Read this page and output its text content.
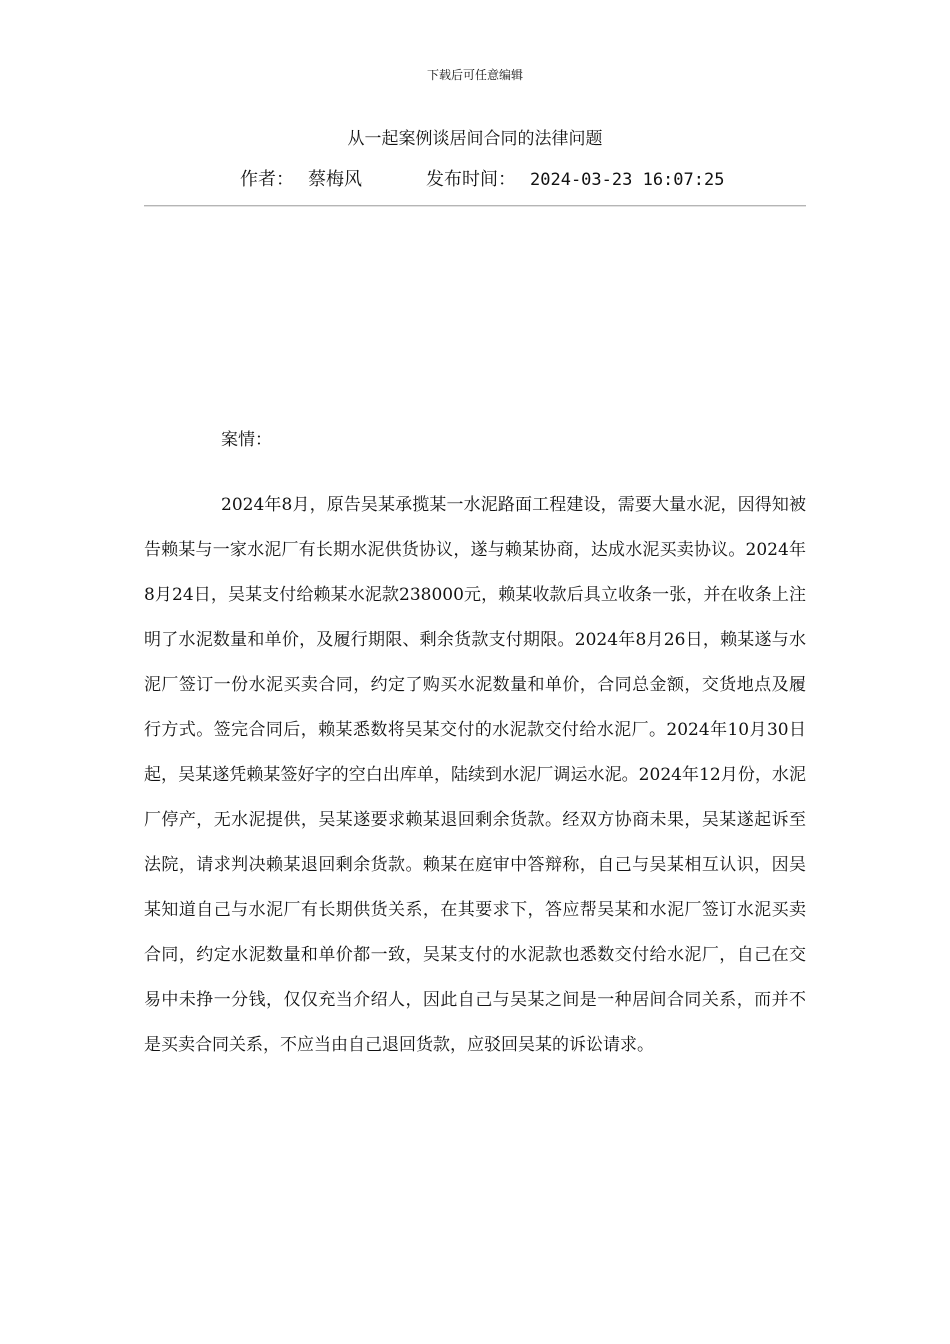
下载后可任意编辑
从一起案例谈居间合同的法律问题
作者： 蔡梅风	发布时间： 2024-03-23 16:07:25
案情：

2024年8月，原告吴某承揽某一水泥路面工程建设，需要大量水泥，因得知被告赖某与一家水泥厂有长期水泥供货协议，遂与赖某协商，达成水泥买卖协议。2024年8月24日，吴某支付给赖某水泥款238000元，赖某收款后具立收条一张，并在收条上注明了水泥数量和单价，及履行期限、剩余货款支付期限。2024年8月26日，赖某遂与水泥厂签订一份水泥买卖合同，约定了购买水泥数量和单价，合同总金额，交货地点及履行方式。签完合同后，赖某悉数将吴某交付的水泥款交付给水泥厂。2024年10月30日起，吴某遂凭赖某签好字的空白出库单，陆续到水泥厂调运水泥。2024年12月份，水泥厂停产，无水泥提供，吴某遂要求赖某退回剩余货款。经双方协商未果，吴某遂起诉至法院，请求判决赖某退回剩余货款。赖某在庭审中答辩称，自己与吴某相互认识，因吴某知道自己与水泥厂有长期供货关系，在其要求下，答应帮吴某和水泥厂签订水泥买卖合同，约定水泥数量和单价都一致，吴某支付的水泥款也悉数交付给水泥厂，自己在交易中未挣一分钱，仅仅充当介绍人，因此自己与吴某之间是一种居间合同关系，而并不是买卖合同关系，不应当由自己退回货款，应驳回吴某的诉讼请求。
